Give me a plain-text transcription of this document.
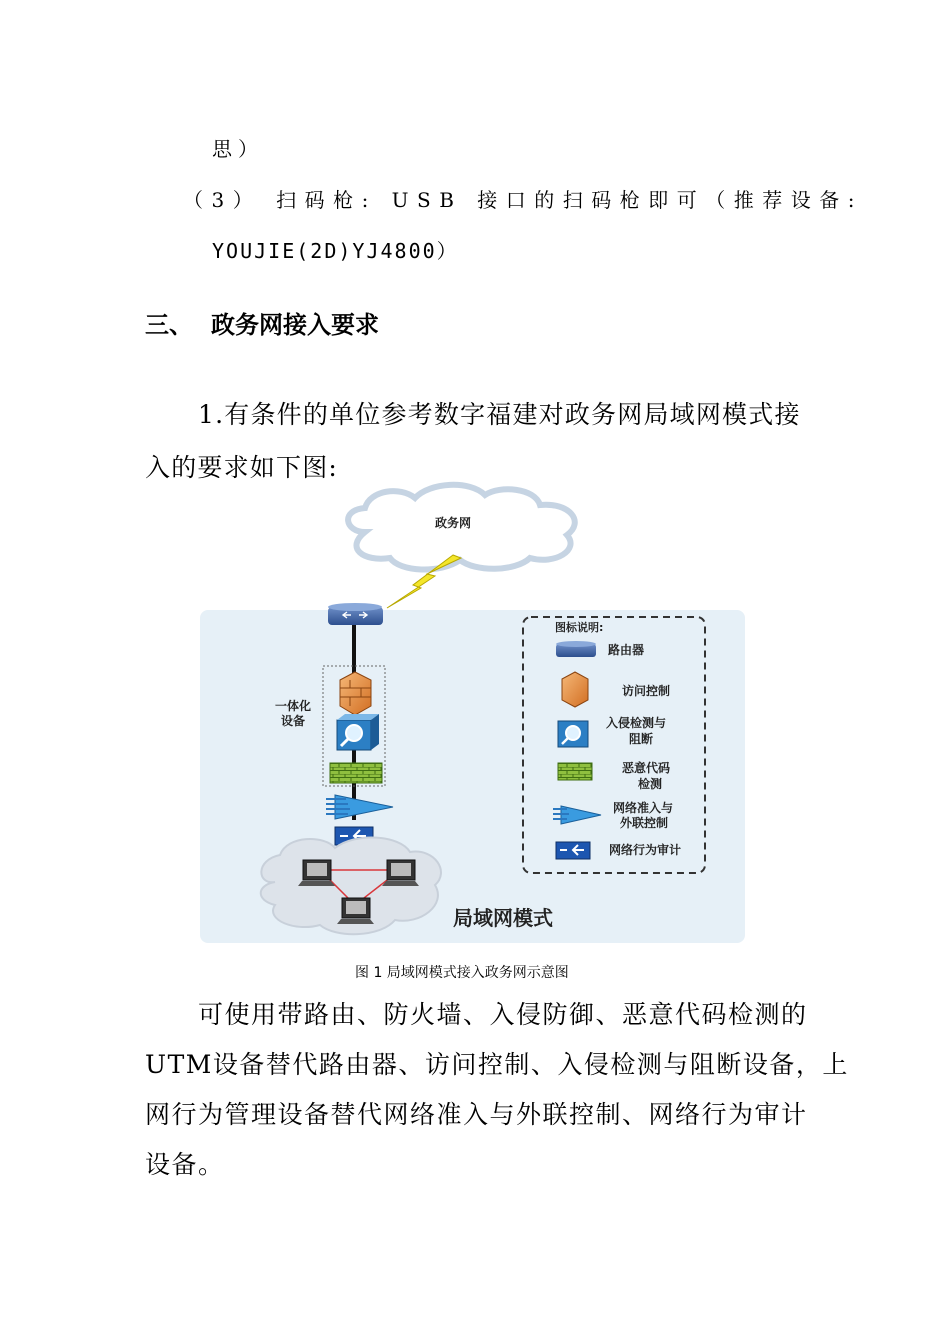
思）
（3） 扫码枪: USB 接口的扫码枪即可（推荐设备:
YOUJIE(2D)YJ4800）
三、 政务网接入要求
1.有条件的单位参考数字福建对政务网局域网模式接
入的要求如下图:
政务网
一体化
设备
局域网模式
图标说明:
路由器
访问控制
入侵检测与
阻断
恶意代码
检测
网络准入与
外联控制
网络行为审计
图 1 局域网模式接入政务网示意图
可使用带路由、防火墙、入侵防御、恶意代码检测的
UTM设备替代路由器、访问控制、入侵检测与阻断设备，上
网行为管理设备替代网络准入与外联控制、网络行为审计
设备。
